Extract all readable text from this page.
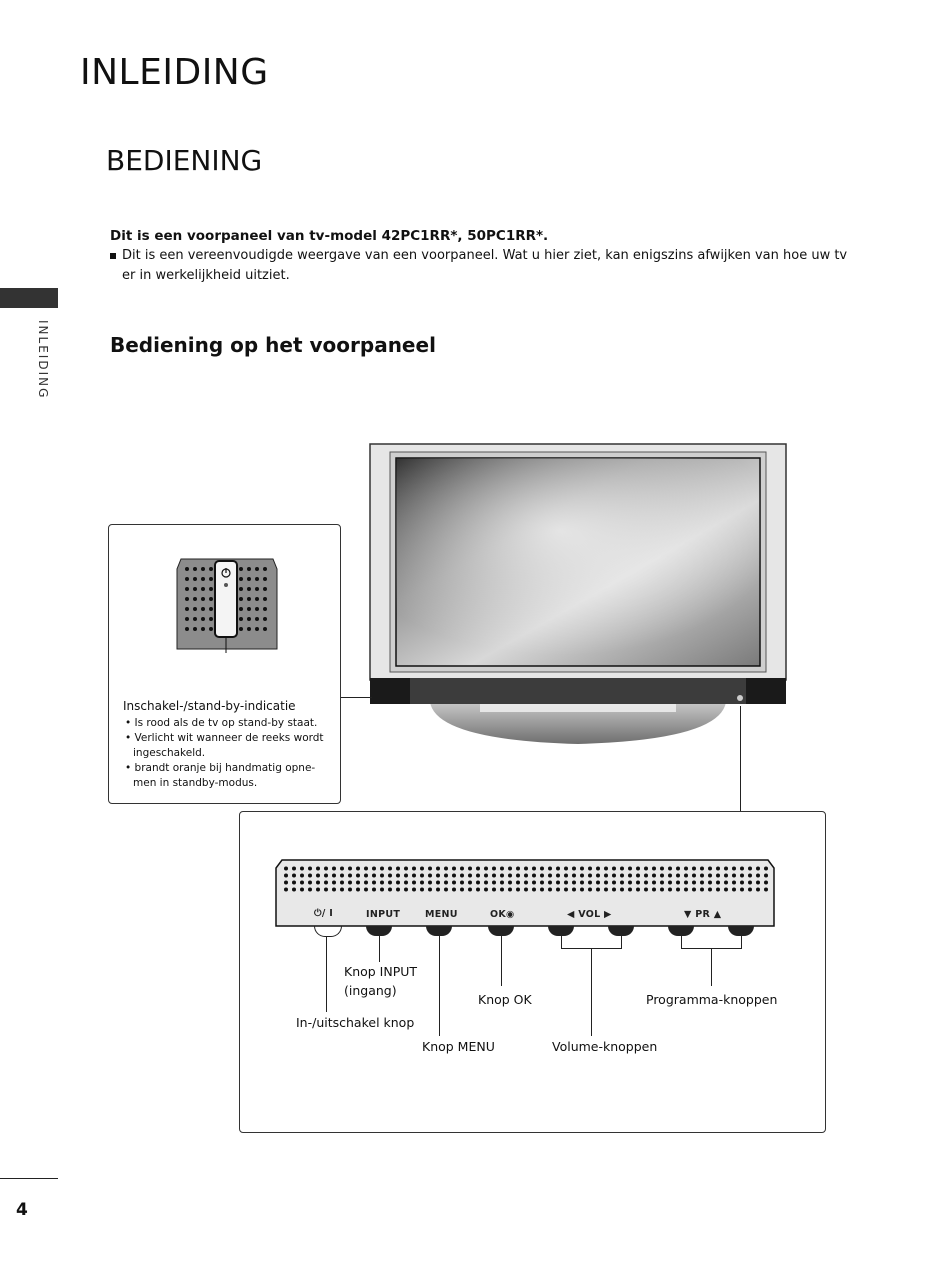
INLEIDING
BEDIENING
Dit is een voorpaneel van tv-model 42PC1RR*, 50PC1RR*.
Dit is een vereenvoudigde weergave van een voorpaneel. Wat u hier ziet, kan enigszins afwijken van hoe uw tv
er in werkelijkheid uitziet.
INLEIDING	Bediening op het voorpaneel
Inschakel-/stand-by-indicatie
• Is rood als de tv op stand-by staat.
• Verlicht wit wanneer de reeks wordt ingeschakeld.
• brandt oranje bij handmatig opne-men in standby-modus.
⏻/ I	INPUT	MENU	OK◉	◀ VOL ▶	▼ PR ▲
Knop INPUT
(ingang)
Knop OK	Programma-knoppen
In-/uitschakel knop
Knop MENU	Volume-knoppen
4
